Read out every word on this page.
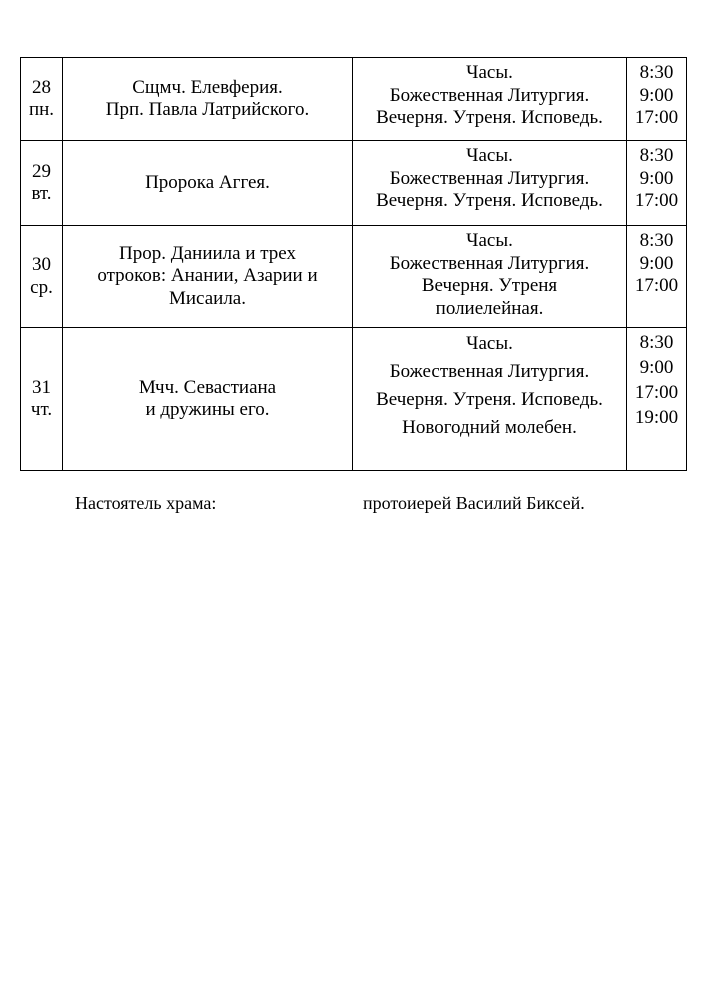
28
пн.	Сщмч. Елевферия.
Прп. Павла Латрийского.	Часы.
Божественная Литургия.
Вечерня. Утреня. Исповедь.	8:30
9:00
17:00

29
вт.	Пророка Аггея.	Часы.
Божественная Литургия.
Вечерня. Утреня. Исповедь.	8:30
9:00
17:00

30
ср.	Прор. Даниила и трех
отроков: Анании, Азарии и
Мисаила.	Часы.
Божественная Литургия.
Вечерня. Утреня
полиелейная.	8:30
9:00
17:00

31
чт.	Мчч. Севастиана
и дружины его.	Часы.
Божественная Литургия.
Вечерня. Утреня. Исповедь.
Новогодний молебен.	8:30
9:00
17:00
19:00
Настоятель храма:	протоиерей Василий Биксей.
